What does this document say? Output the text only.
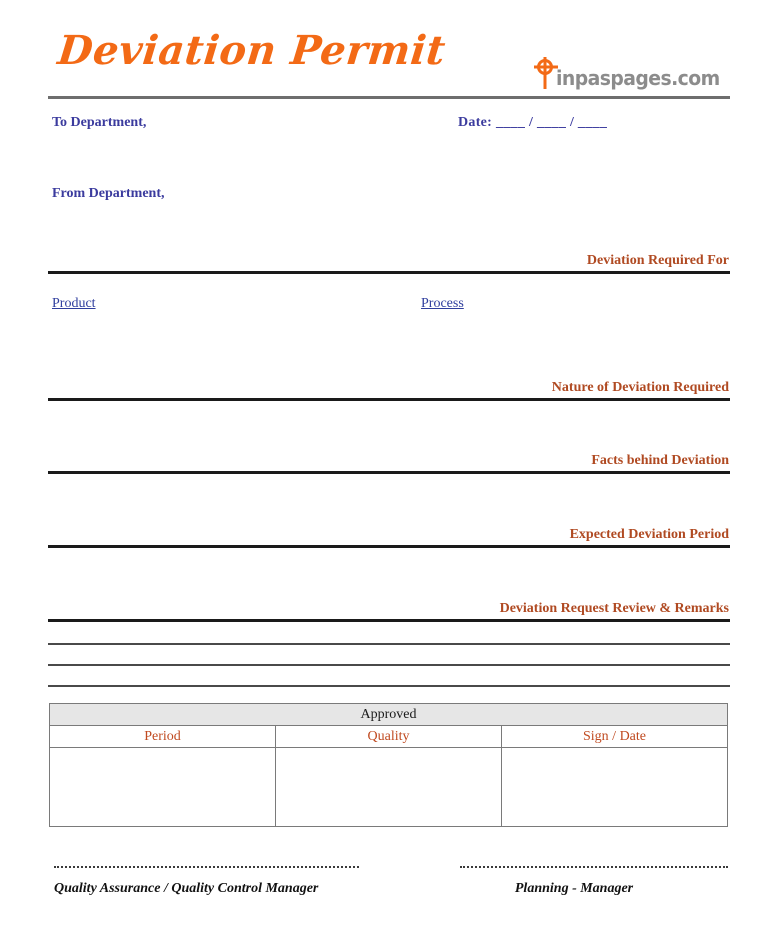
Deviation Permit
inpaspages.com
To Department,	Date: ____ / ____ / ____
From Department,
Deviation Required For
Product	Process
Nature of Deviation Required
Facts behind Deviation
Expected Deviation Period
Deviation Request Review & Remarks
Approved		
Period	Quality	Sign / Date

Quality Assurance / Quality Control Manager	Planning - Manager
